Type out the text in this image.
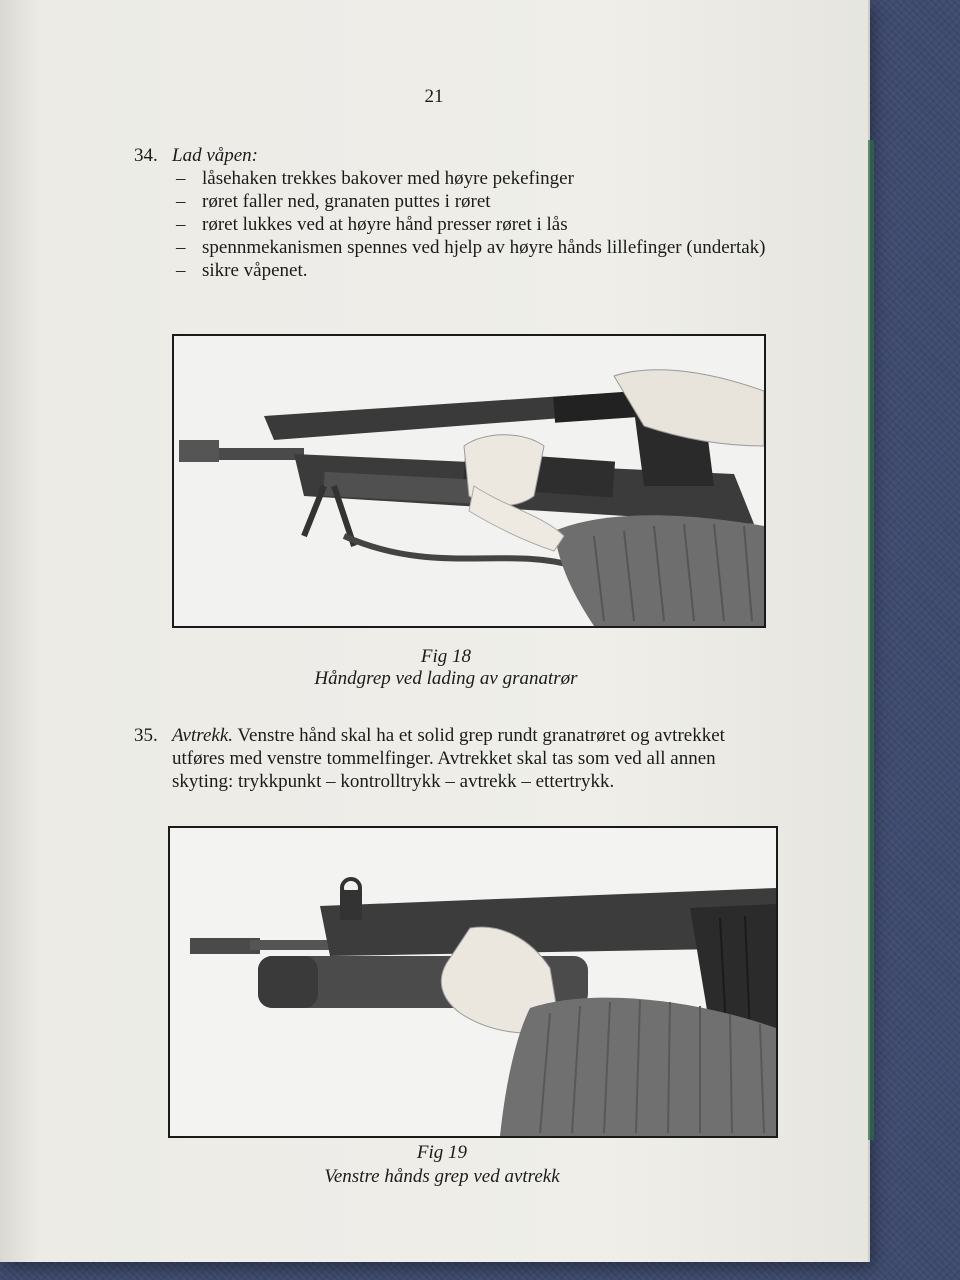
21
34. Lad våpen:
– låsehaken trekkes bakover med høyre pekefinger
– røret faller ned, granaten puttes i røret
– røret lukkes ved at høyre hånd presser røret i lås
– spennmekanismen spennes ved hjelp av høyre hånds lillefinger (undertak)
– sikre våpenet.
Fig 18
Håndgrep ved lading av granatrør
35. Avtrekk. Venstre hånd skal ha et solid grep rundt granatrøret og avtrekket utføres med venstre tommelfinger. Avtrekket skal tas som ved all annen skyting: trykkpunkt – kontrolltrykk – avtrekk – ettertrykk.
Fig 19
Venstre hånds grep ved avtrekk
